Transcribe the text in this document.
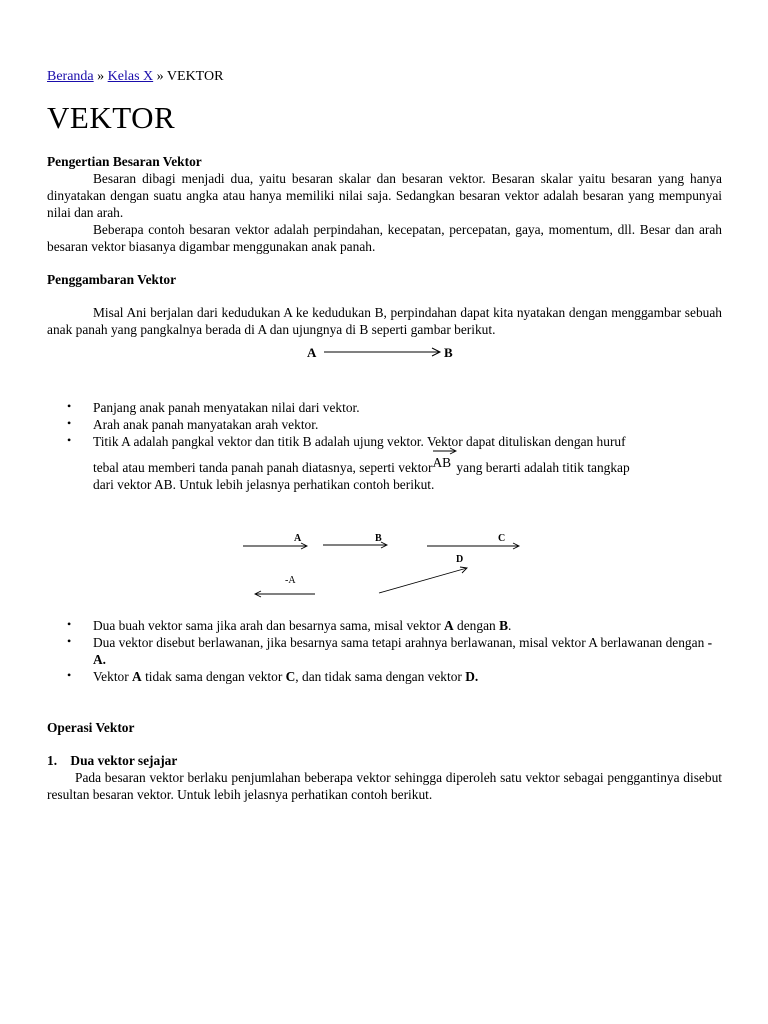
Beranda » Kelas X » VEKTOR
VEKTOR
Pengertian Besaran Vektor

Besaran dibagi menjadi dua, yaitu besaran skalar dan besaran vektor. Besaran skalar yaitu besaran yang hanya dinyatakan dengan suatu angka atau hanya memiliki nilai saja. Sedangkan besaran vektor adalah besaran yang mempunyai nilai dan arah.

Beberapa contoh besaran vektor adalah perpindahan, kecepatan, percepatan, gaya, momentum, dll. Besar dan arah besaran vektor biasanya digambar menggunakan anak panah.

Penggambaran Vektor

Misal Ani berjalan dari kedudukan A ke kedudukan B, perpindahan dapat kita nyatakan dengan menggambar sebuah anak panah yang pangkalnya berada di A dan ujungnya di B seperti gambar berikut.

A	B
• Panjang anak panah menyatakan nilai dari vektor.
• Arah anak panah manyatakan arah vektor.
• Titik A adalah pangkal vektor dan titik B adalah ujung vektor. Vektor dapat dituliskan dengan huruf
tebal atau memberi tanda panah panah diatasnya, seperti vektor
AB yang berarti adalah titik tangkap
dari vektor AB. Untuk lebih jelasnya perhatikan contoh berikut.
A	B	C
D
-A
• Dua buah vektor sama jika arah dan besarnya sama, misal vektor A dengan B.
• Dua vektor disebut berlawanan, jika besarnya sama tetapi arahnya berlawanan, misal vektor A berlawanan dengan -A.
• Vektor A tidak sama dengan vektor C, dan tidak sama dengan vektor D.
Operasi Vektor
1.    Dua vektor sejajar

Pada besaran vektor berlaku penjumlahan beberapa vektor sehingga diperoleh satu vektor sebagai penggantinya disebut resultan besaran vektor. Untuk lebih jelasnya perhatikan contoh berikut.
